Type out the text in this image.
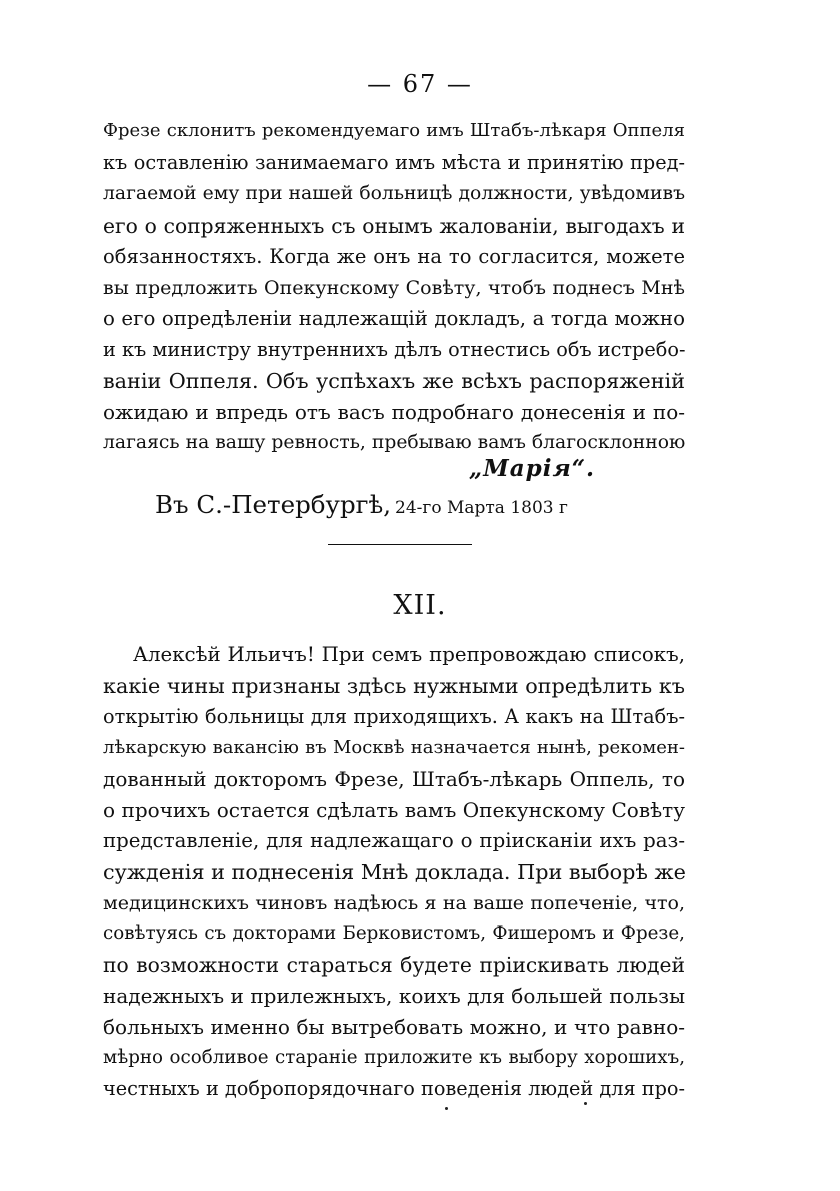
— 67 —
Фрезе склонитъ рекомендуемаго имъ Штабъ-лѣкаря Оппеля
къ оставленію занимаемаго имъ мѣста и принятію пред-
лагаемой ему при нашей больницѣ должности, увѣдомивъ
его о сопряженныхъ съ онымъ жалованіи, выгодахъ и
обязанностяхъ. Когда же онъ на то согласится, можете
вы предложить Опекунскому Совѣту, чтобъ поднесъ Мнѣ
о его опредѣленіи надлежащій докладъ, а тогда можно
и къ министру внутреннихъ дѣлъ отнестись объ истребо-
ваніи Оппеля. Объ успѣхахъ же всѣхъ распоряженій
ожидаю и впредь отъ васъ подробнаго донесенія и по-
лагаясь на вашу ревность, пребываю вамъ благосклонною
„Марія“.
Въ С.-Петербургѣ, 24-го Марта 1803 г
XII.
Алексѣй Ильичъ! При семъ препровождаю списокъ,
какіе чины признаны здѣсь нужными опредѣлить къ
открытію больницы для приходящихъ. А какъ на Штабъ-
лѣкарскую вакансію въ Москвѣ назначается нынѣ, рекомен-
дованный докторомъ Фрезе, Штабъ-лѣкарь Оппель, то
о прочихъ остается сдѣлать вамъ Опекунскому Совѣту
представленіе, для надлежащаго о пріисканіи ихъ раз-
сужденія и поднесенія Мнѣ доклада. При выборѣ же
медицинскихъ чиновъ надѣюсь я на ваше попеченіе, что,
совѣтуясь съ докторами Берковистомъ, Фишеромъ и Фрезе,
по возможности стараться будете пріискивать людей
надежныхъ и прилежныхъ, коихъ для большей пользы
больныхъ именно бы вытребовать можно, и что равно-
мѣрно особливое стараніе приложите къ выбору хорошихъ,
честныхъ и добропорядочнаго поведенія людей для про-
